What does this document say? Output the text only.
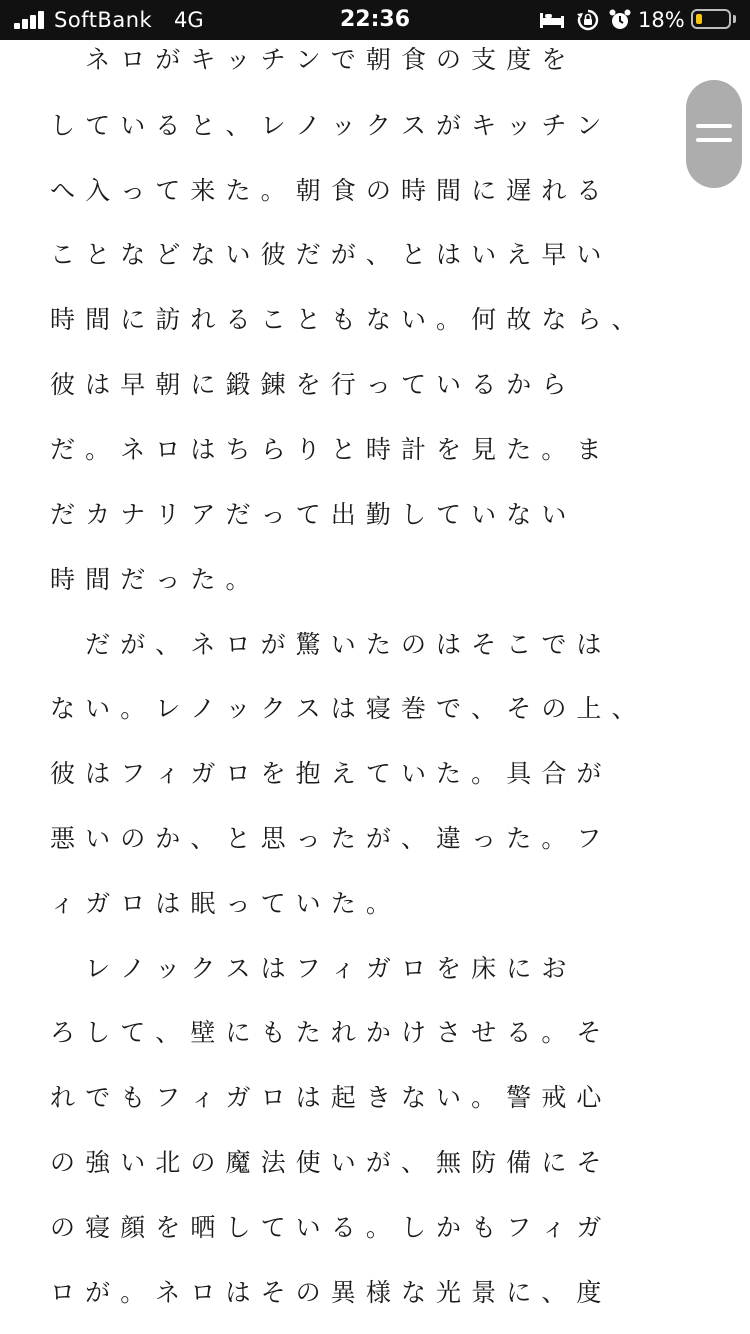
SoftBank 4G	22:36	18%
　ネ ロ が キ ッ チ ン で 朝 食 の 支 度 を
し て い る と 、 レ ノ ッ ク ス が キ ッ チ ン
へ 入 っ て 来 た 。 朝 食 の 時 間 に 遅 れ る
こ と な ど な い 彼 だ が 、 と は い え 早 い
時 間 に 訪 れ る こ と も な い 。 何 故 な ら 、
彼 は 早 朝 に 鍛 錬 を 行 っ て い る か ら
だ 。 ネ ロ は ち ら り と 時 計 を 見 た 。 ま
だ カ ナ リ ア だ っ て 出 勤 し て い な い
時 間 だ っ た 。
　だ が 、 ネ ロ が 驚 い た の は そ こ で は
な い 。 レ ノ ッ ク ス は 寝 巻 で 、 そ の 上 、
彼 は フ ィ ガ ロ を 抱 え て い た 。 具 合 が
悪 い の か 、 と 思 っ た が 、 違 っ た 。 フ
ィ ガ ロ は 眠 っ て い た 。
　レ ノ ッ ク ス は フ ィ ガ ロ を 床 に お
ろ し て 、 壁 に も た れ か け さ せ る 。 そ
れ で も フ ィ ガ ロ は 起 き な い 。 警 戒 心
の 強 い 北 の 魔 法 使 い が 、 無 防 備 に そ
の 寝 顔 を 晒 し て い る 。 し か も フ ィ ガ
ロ が 。 ネ ロ は そ の 異 様 な 光 景 に 、 度
